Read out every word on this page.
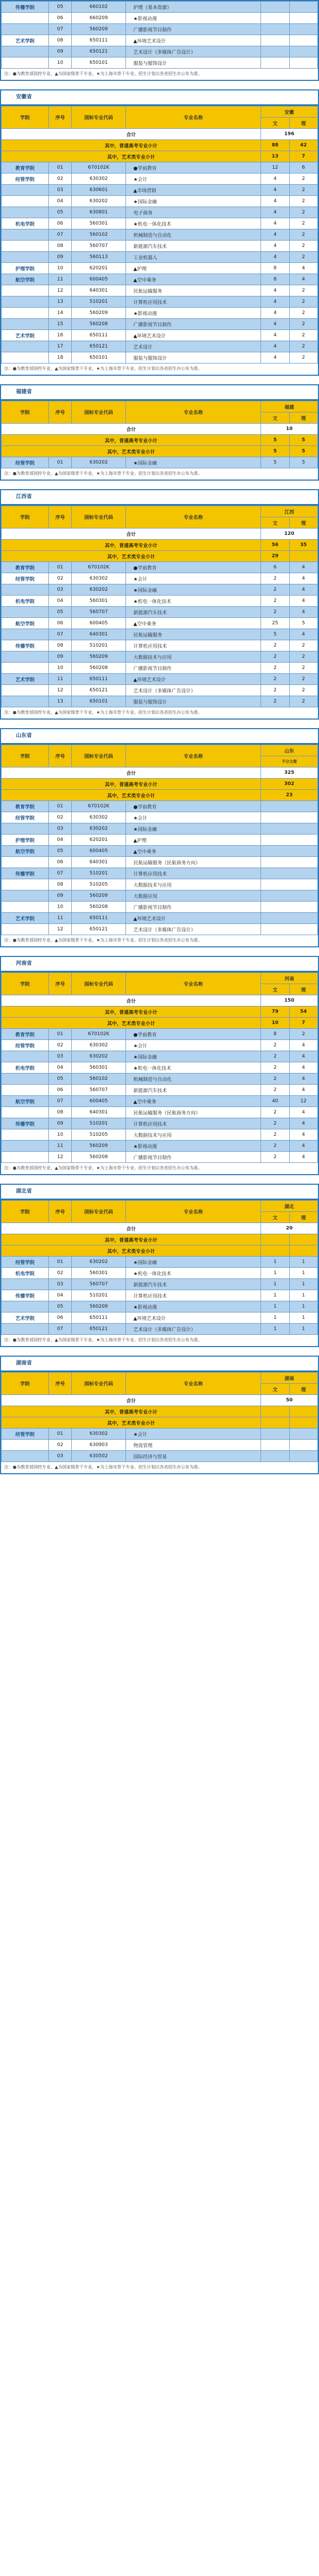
传播学院	05	660102	护理（基本资源）		
	06	660209	★影视动漫		
	07	560209	广播影视节目制作		
艺术学院	08	650111	▲环境艺术设计		
	09	650121	艺术设计（多媒体广告设计）		
	10	650101	服装与服饰设计		
注：●为教育部国控专业，▲为国家级骨干专业，★为上海市骨干专业。招生计划以各省招生办公布为准。
安徽省
学院	序号	国标专业代码	专业名称	安徽	
				文	理
合计				196	
其中，普通高考专业小计				88	42
其中，艺术类专业小计				13	7
教育学院	01	670102K	●学前教育	12	6
经管学院	02	630302	★会计	4	2
	03	630601	▲市场营销	4	2
	04	630202	★国际金融	4	2
	05	630801	电子商务	4	2
机电学院	06	560301	★机电一体化技术	4	2
	07	560102	机械制造与自动化	4	2
	08	560707	新能源汽车技术	4	2
	09	560113	工业机器人	4	2
护理学院	10	620201	▲护理	8	4
航空学院	11	600405	▲空中乘务	8	4
	12	640301	民航运输服务	4	2
	13	510201	计算机应用技术	4	2
	14	560209	★影视动漫	4	2
	15	560208	广播影视节目制作	4	2
艺术学院	16	650111	▲环境艺术设计	4	2
	17	650121	艺术设计	4	2
	18	650101	服装与服饰设计	4	2
注：●为教育部国控专业，▲为国家级骨干专业，★为上海市骨干专业。招生计划以各省招生办公布为准。
福建省
学院	序号	国标专业代码	专业名称	福建	
				文	理
合计				10	
其中，普通高考专业小计				5	5
其中，艺术类专业小计				5	5
经管学院	01	630202	★国际金融	5	5
注：●为教育部国控专业，▲为国家级骨干专业，★为上海市骨干专业。招生计划以各省招生办公布为准。
江西省
学院	序号	国标专业代码	专业名称	江西	
				文	理
合计				120	
其中，普通高考专业小计				56	35
其中，艺术类专业小计				29	
教育学院	01	670102K	●学前教育	6	4
经管学院	02	630302	★会计	2	4
	03	630202	★国际金融	2	4
机电学院	04	560301	★机电一体化技术	2	4
	05	560707	新能源汽车技术	2	4
航空学院	06	600405	▲空中乘务	25	5
	07	640301	民航运输服务	5	4
传播学院	08	510201	计算机应用技术	2	2
	09	560209	大数据技术与应用	2	2
	10	560208	广播影视节目制作	2	2
艺术学院	11	650111	▲环境艺术设计	2	2
	12	650121	艺术设计（多媒体广告设计）	2	2
	13	650101	服装与服饰设计	2	2
注：●为教育部国控专业，▲为国家级骨干专业，★为上海市骨干专业。招生计划以各省招生办公布为准。
山东省
学院	序号	国标专业代码	专业名称	山东
				不分文理
合计				325
其中，普通高考专业小计				302
其中，艺术类专业小计				23
教育学院	01	670102K	●学前教育	
经管学院	02	630302	★会计	
	03	630202	★国际金融	
护理学院	04	620201	▲护理	
航空学院	05	600405	▲空中乘务	
	06	640301	民航运输服务（民航商务方向）	
传播学院	07	510201	计算机应用技术	
	08	510205	大数据技术与应用	
	09	560209	大数据应用	
	10	560208	广播影视节目制作	
艺术学院	11	650111	▲环境艺术设计	
	12	650121	艺术设计（多媒体广告设计）	
注：●为教育部国控专业，▲为国家级骨干专业，★为上海市骨干专业。招生计划以各省招生办公布为准。
河南省
学院	序号	国标专业代码	专业名称	河南	
				文	理
合计				150	
其中，普通高考专业小计				79	54
其中，艺术类专业小计				10	7
教育学院	01	670102K	●学前教育	8	2
经管学院	02	630302	★会计	2	4
	03	630202	★国际金融	2	4
机电学院	04	560301	★机电一体化技术	2	4
	05	560102	机械制造与自动化	2	4
	06	560707	新能源汽车技术	2	4
航空学院	07	600405	▲空中乘务	40	12
	08	640301	民航运输服务（民航商务方向）	2	4
传播学院	09	510201	计算机应用技术	2	4
	10	510205	大数据技术与应用	2	4
	11	560209	★影视动漫	2	4
	12	560208	广播影视节目制作	2	4
注：●为教育部国控专业，▲为国家级骨干专业，★为上海市骨干专业。招生计划以各省招生办公布为准。
湖北省
学院	序号	国标专业代码	专业名称	湖北	
				文	理
合计				20	
其中，普通高考专业小计					
其中，艺术类专业小计					
经管学院	01	630202	★国际金融	1	1
机电学院	02	560301	★机电一体化技术	1	1
	03	560707	新能源汽车技术	1	1
传播学院	04	510201	计算机应用技术	1	1
	05	560209	★影视动漫	1	1
艺术学院	06	650111	▲环境艺术设计	1	1
	07	650121	艺术设计（多媒体广告设计）	1	1
注：●为教育部国控专业，▲为国家级骨干专业，★为上海市骨干专业。招生计划以各省招生办公布为准。
湖南省
学院	序号	国标专业代码	专业名称	湖南	
				文	理
合计				50	
其中，普通高考专业小计					
其中，艺术类专业小计					
经管学院	01	630302	★会计		
	02	630903	物流管理		
	03	630502	国际经济与贸易		
注：●为教育部国控专业，▲为国家级骨干专业，★为上海市骨干专业。招生计划以各省招生办公布为准。
